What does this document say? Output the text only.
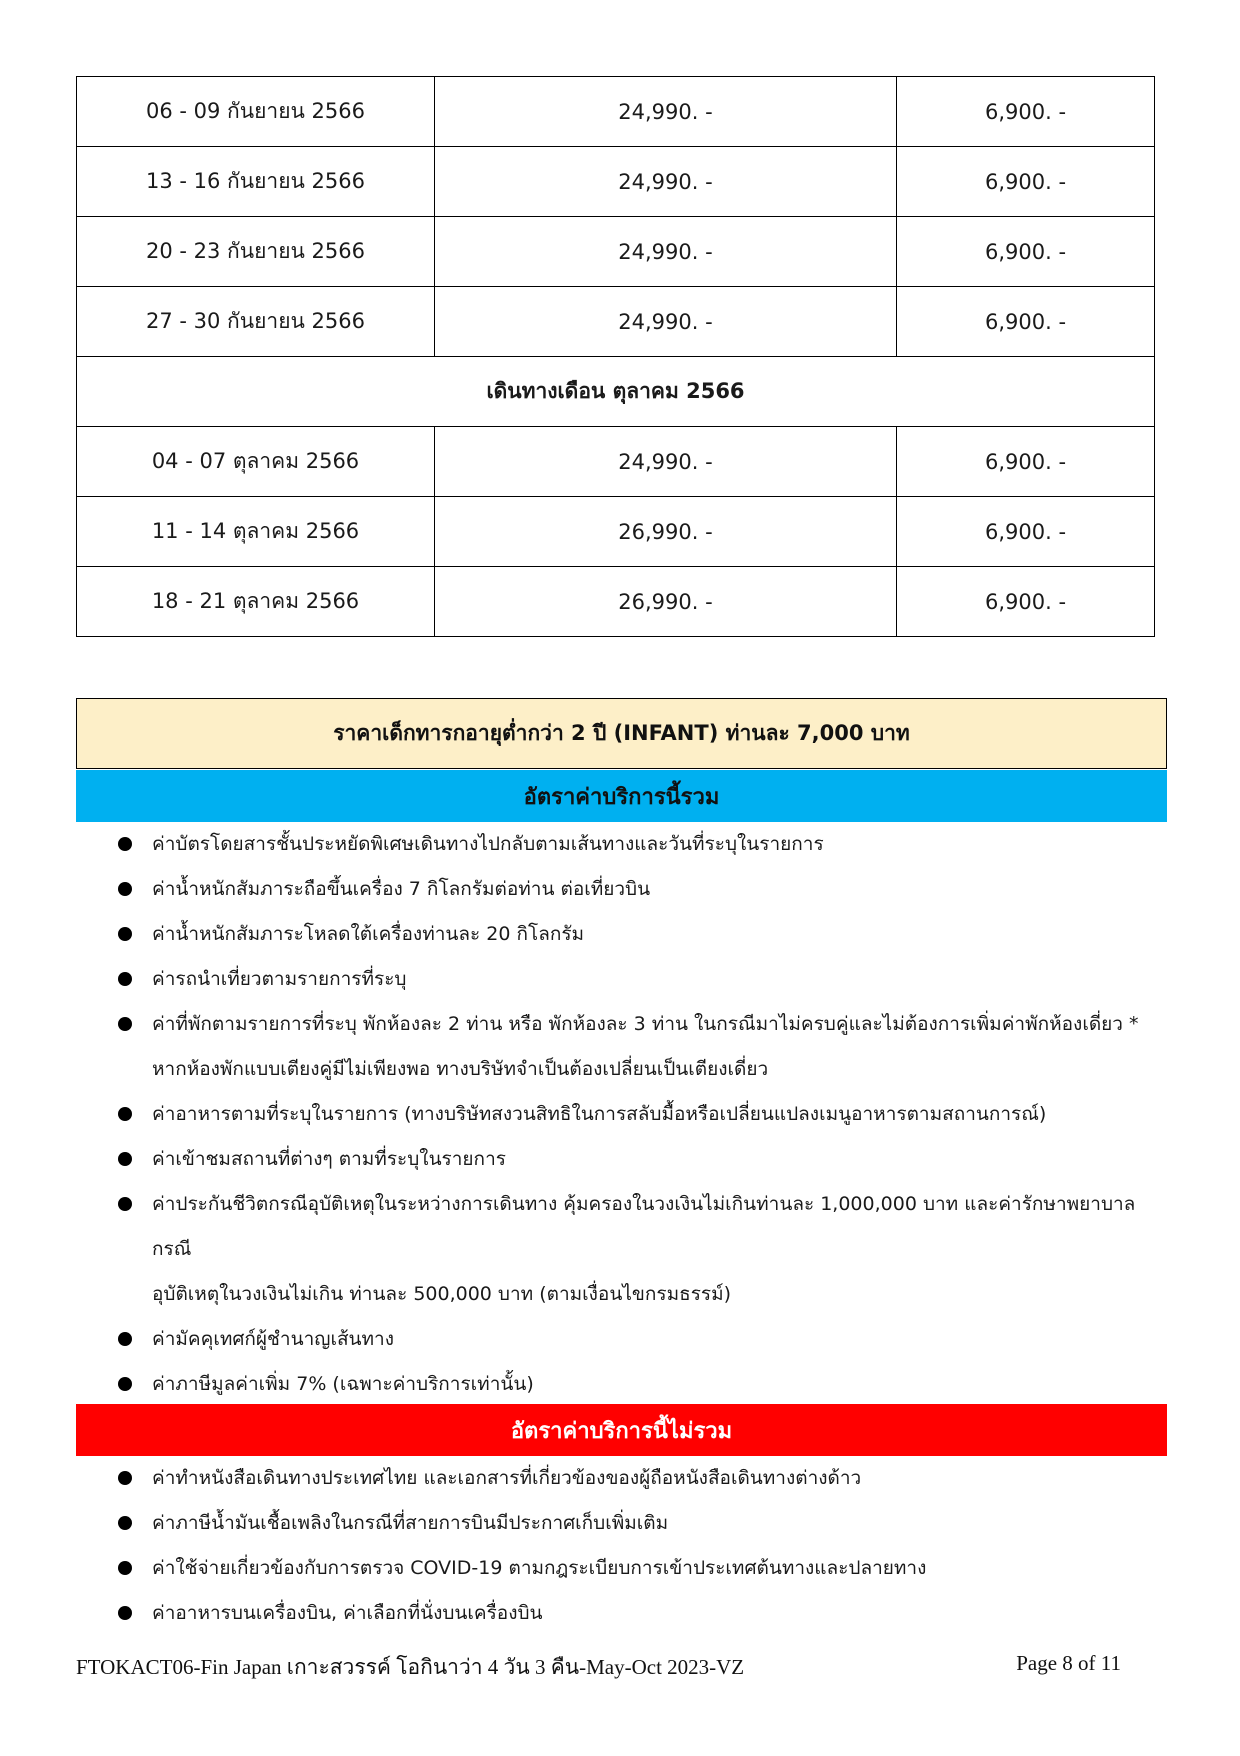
06 - 09 กันยายน 2566	24,990. -	6,900. -
13 - 16 กันยายน 2566	24,990. -	6,900. -
20 - 23 กันยายน 2566	24,990. -	6,900. -
27 - 30 กันยายน 2566	24,990. -	6,900. -
เดินทางเดือน ตุลาคม 2566		
04 - 07 ตุลาคม 2566	24,990. -	6,900. -
11 - 14 ตุลาคม 2566	26,990. -	6,900. -
18 - 21 ตุลาคม 2566	26,990. -	6,900. -
ราคาเด็กทารกอายุต่ำกว่า 2 ปี (INFANT) ท่านละ 7,000 บาท
อัตราค่าบริการนี้รวม
ค่าบัตรโดยสารชั้นประหยัดพิเศษเดินทางไปกลับตามเส้นทางและวันที่ระบุในรายการ
ค่าน้ำหนักสัมภาระถือขึ้นเครื่อง 7 กิโลกรัมต่อท่าน ต่อเที่ยวบิน
ค่าน้ำหนักสัมภาระโหลดใต้เครื่องท่านละ 20 กิโลกรัม
ค่ารถนำเที่ยวตามรายการที่ระบุ
ค่าที่พักตามรายการที่ระบุ พักห้องละ 2 ท่าน หรือ พักห้องละ 3 ท่าน ในกรณีมาไม่ครบคู่และไม่ต้องการเพิ่มค่าพักห้องเดี่ยว *
หากห้องพักแบบเตียงคู่มีไม่เพียงพอ ทางบริษัทจำเป็นต้องเปลี่ยนเป็นเตียงเดี่ยว
ค่าอาหารตามที่ระบุในรายการ (ทางบริษัทสงวนสิทธิในการสลับมื้อหรือเปลี่ยนแปลงเมนูอาหารตามสถานการณ์)
ค่าเข้าชมสถานที่ต่างๆ ตามที่ระบุในรายการ
ค่าประกันชีวิตกรณีอุบัติเหตุในระหว่างการเดินทาง คุ้มครองในวงเงินไม่เกินท่านละ 1,000,000 บาท และค่ารักษาพยาบาลกรณี
อุบัติเหตุในวงเงินไม่เกิน ท่านละ 500,000 บาท (ตามเงื่อนไขกรมธรรม์)
ค่ามัคคุเทศก์ผู้ชำนาญเส้นทาง
ค่าภาษีมูลค่าเพิ่ม 7% (เฉพาะค่าบริการเท่านั้น)
อัตราค่าบริการนี้ไม่รวม
ค่าทำหนังสือเดินทางประเทศไทย และเอกสารที่เกี่ยวข้องของผู้ถือหนังสือเดินทางต่างด้าว
ค่าภาษีน้ำมันเชื้อเพลิงในกรณีที่สายการบินมีประกาศเก็บเพิ่มเติม
ค่าใช้จ่ายเกี่ยวข้องกับการตรวจ COVID-19 ตามกฎระเบียบการเข้าประเทศต้นทางและปลายทาง
ค่าอาหารบนเครื่องบิน, ค่าเลือกที่นั่งบนเครื่องบิน
FTOKACT06-Fin Japan เกาะสวรรค์ โอกินาว่า 4 วัน 3 คืน-May-Oct 2023-VZ	Page 8 of 11
